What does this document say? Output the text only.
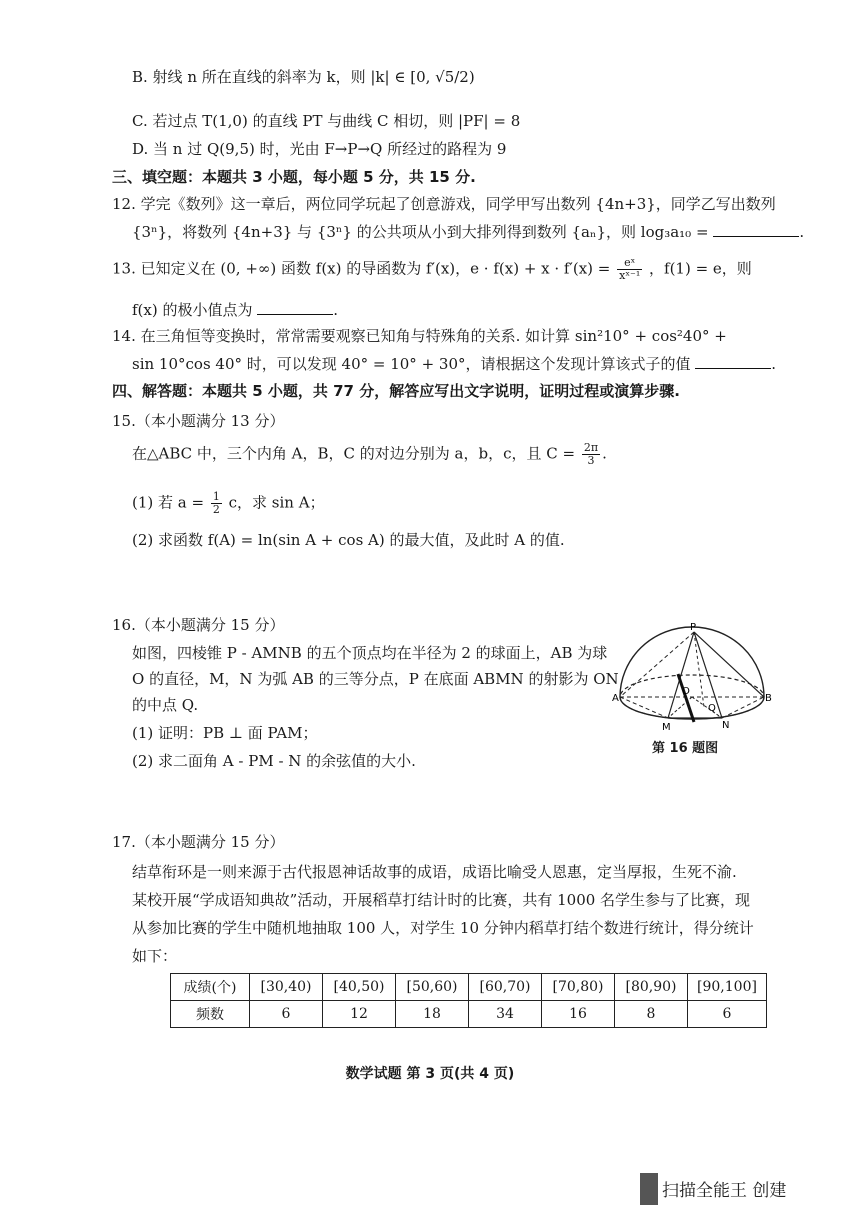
B. 射线 n 所在直线的斜率为 k，则 |k| ∈ [0, √5/2)
C. 若过点 T(1,0) 的直线 PT 与曲线 C 相切，则 |PF| = 8
D. 当 n 过 Q(9,5) 时，光由 F→P→Q 所经过的路程为 9
三、填空题：本题共 3 小题，每小题 5 分，共 15 分.
12. 学完《数列》这一章后，两位同学玩起了创意游戏，同学甲写出数列 {4n+3}，同学乙写出数列
{3ⁿ}，将数列 {4n+3} 与 {3ⁿ} 的公共项从小到大排列得到数列 {aₙ}，则 log₃a₁₀ =	.
13. 已知定义在 (0, +∞) 函数 f(x) 的导函数为 f′(x)，$e \cdot f(x) + x \cdot f'(x) = \frac{\text{eˣ}}{\text{xˣ⁻¹}}$ ，f(1) = e，则
f(x) 的极小值点为	.
14. 在三角恒等变换时，常常需要观察已知角与特殊角的关系. 如计算 sin²10° + cos²40° +
sin 10°cos 40° 时，可以发现 40° = 10° + 30°，请根据这个发现计算该式子的值	.
四、解答题：本题共 5 小题，共 77 分，解答应写出文字说明，证明过程或演算步骤.
15.（本小题满分 13 分）
在△ABC 中，三个内角 A，B，C 的对边分别为 a，b，c，且 $C = \frac{2\pi}{3}$ .
(1) 若 $a = \frac{1}{2}$ c，求 sin A；
(2) 求函数 f(A) = ln(sin A + cos A) 的最大值，及此时 A 的值.
16.（本小题满分 15 分）
如图，四棱锥 P - AMNB 的五个顶点均在半径为 2 的球面上，AB 为球
O 的直径，M，N 为弧 AB 的三等分点，P 在底面 ABMN 的射影为 ON
的中点 Q.
(1) 证明：PB ⊥ 面 PAM；
(2) 求二面角 A - PM - N 的余弦值的大小.
P
A	B
M	N
O
Q
第 16 题图
17.（本小题满分 15 分）
结草衔环是一则来源于古代报恩神话故事的成语，成语比喻受人恩惠，定当厚报，生死不渝.
某校开展“学成语知典故”活动，开展稻草打结计时的比赛，共有 1000 名学生参与了比赛，现
从参加比赛的学生中随机地抽取 100 人，对学生 10 分钟内稻草打结个数进行统计，得分统计
如下：
成绩(个)	[30,40)	[40,50)	[50,60)	[60,70)	[70,80)	[80,90)	[90,100]
频数	6	12	18	34	16	8	6
数学试题 第 3 页(共 4 页)
扫描全能王 创建
